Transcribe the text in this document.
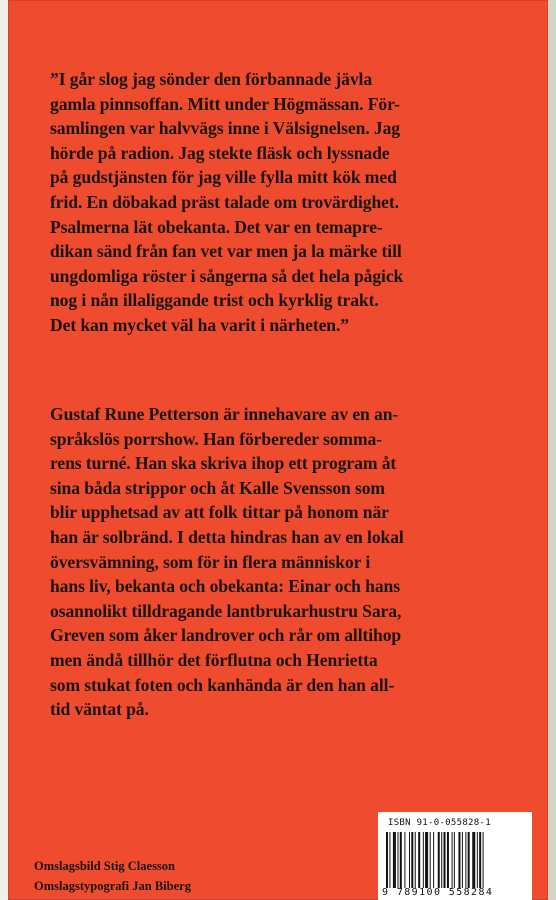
”I går slog jag sönder den förbannade jävla
gamla pinnsoffan. Mitt under Högmässan. För-
samlingen var halvvägs inne i Välsignelsen. Jag
hörde på radion. Jag stekte fläsk och lyssnade
på gudstjänsten för jag ville fylla mitt kök med
frid. En döbakad präst talade om trovärdighet.
Psalmerna lät obekanta. Det var en temapre-
dikan sänd från fan vet var men ja la märke till
ungdomliga röster i sångerna så det hela pågick
nog i nån illaliggande trist och kyrklig trakt.
Det kan mycket väl ha varit i närheten.”
Gustaf Rune Petterson är innehavare av en an-
språkslös porrshow. Han förbereder somma-
rens turné. Han ska skriva ihop ett program åt
sina båda strippor och åt Kalle Svensson som
blir upphetsad av att folk tittar på honom när
han är solbränd. I detta hindras han av en lokal
översvämning, som för in flera människor i
hans liv, bekanta och obekanta: Einar och hans
osannolikt tilldragande lantbrukarhustru Sara,
Greven som åker landrover och rår om alltihop
men ändå tillhör det förflutna och Henrietta
som stukat foten och kanhända är den han all-
tid väntat på.
Omslagsbild Stig Claesson
Omslagstypografi Jan Biberg
ISBN 91-0-055828-1
9 789100 558284
